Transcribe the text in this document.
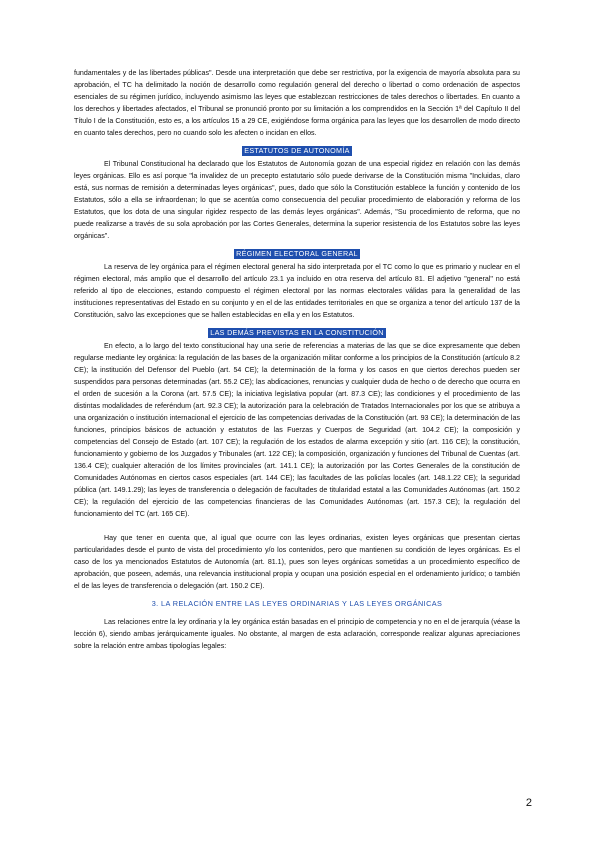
fundamentales y de las libertades públicas". Desde una interpretación que debe ser restrictiva, por la exigencia de mayoría absoluta para su aprobación, el TC ha delimitado la noción de desarrollo como regulación general del derecho o libertad o como ordenación de aspectos esenciales de su régimen jurídico, incluyendo asimismo las leyes que establezcan restricciones de tales derechos o libertades. En cuanto a los derechos y libertades afectados, el Tribunal se pronunció pronto por su limitación a los comprendidos en la Sección 1ª del Capítulo II del Título I de la Constitución, esto es, a los artículos 15 a 29 CE, exigiéndose forma orgánica para las leyes que los desarrollen de modo directo en cuanto tales derechos, pero no cuando solo les afecten o incidan en ellos.

ESTATUTOS DE AUTONOMÍA

El Tribunal Constitucional ha declarado que los Estatutos de Autonomía gozan de una especial rigidez en relación con las demás leyes orgánicas. Ello es así porque "la invalidez de un precepto estatutario sólo puede derivarse de la Constitución misma "Incluidas, claro está, sus normas de remisión a determinadas leyes orgánicas", pues, dado que sólo la Constitución establece la función y contenido de los Estatutos, sólo a ella se infraordenan; lo que se acentúa como consecuencia del peculiar procedimiento de elaboración y reforma de los Estatutos, que los dota de una singular rigidez respecto de las demás leyes orgánicas". Además, "Su procedimiento de reforma, que no puede realizarse a través de su sola aprobación por las Cortes Generales, determina la superior resistencia de los Estatutos sobre las leyes orgánicas".

RÉGIMEN ELECTORAL GENERAL

La reserva de ley orgánica para el régimen electoral general ha sido interpretada por el TC como lo que es primario y nuclear en el régimen electoral, más amplio que el desarrollo del artículo 23.1 ya incluido en otra reserva del artículo 81. El adjetivo "general" no está referido al tipo de elecciones, estando compuesto el régimen electoral por las normas electorales válidas para la generalidad de las instituciones representativas del Estado en su conjunto y en el de las entidades territoriales en que se organiza a tenor del artículo 137 de la Constitución, salvo las excepciones que se hallen establecidas en ella y en los Estatutos.

LAS DEMÁS PREVISTAS EN LA CONSTITUCIÓN

En efecto, a lo largo del texto constitucional hay una serie de referencias a materias de las que se dice expresamente que deben regularse mediante ley orgánica: la regulación de las bases de la organización militar conforme a los principios de la Constitución (artículo 8.2 CE); la institución del Defensor del Pueblo (art. 54 CE); la determinación de la forma y los casos en que ciertos derechos pueden ser suspendidos para personas determinadas (art. 55.2 CE); las abdicaciones, renuncias y cualquier duda de hecho o de derecho que ocurra en el orden de sucesión a la Corona (art. 57.5 CE); la iniciativa legislativa popular (art. 87.3 CE); las condiciones y el procedimiento de las distintas modalidades de referéndum (art. 92.3 CE); la autorización para la celebración de Tratados Internacionales por los que se atribuya a una organización o institución internacional el ejercicio de las competencias derivadas de la Constitución (art. 93 CE); la determinación de las funciones, principios básicos de actuación y estatutos de las Fuerzas y Cuerpos de Seguridad (art. 104.2 CE); la composición y competencias del Consejo de Estado (art. 107 CE); la regulación de los estados de alarma excepción y sitio (art. 116 CE); la constitución, funcionamiento y gobierno de los Juzgados y Tribunales (art. 122 CE); la composición, organización y funciones del Tribunal de Cuentas (art. 136.4 CE); cualquier alteración de los límites provinciales (art. 141.1 CE); la autorización por las Cortes Generales de la constitución de Comunidades Autónomas en ciertos casos especiales (art. 144 CE); las facultades de las policías locales (art. 148.1.22 CE); la seguridad pública (art. 149.1.29); las leyes de transferencia o delegación de facultades de titularidad estatal a las Comunidades Autónomas (art. 150.2 CE); la regulación del ejercicio de las competencias financieras de las Comunidades Autónomas (art. 157.3 CE); la regulación del funcionamiento del TC (art. 165 CE).

Hay que tener en cuenta que, al igual que ocurre con las leyes ordinarias, existen leyes orgánicas que presentan ciertas particularidades desde el punto de vista del procedimiento y/o los contenidos, pero que mantienen su condición de leyes orgánicas. Es el caso de los ya mencionados Estatutos de Autonomía (art. 81.1), pues son leyes orgánicas sometidas a un procedimiento específico de aprobación, que poseen, además, una relevancia institucional propia y ocupan una posición especial en el ordenamiento jurídico; o también el de las leyes de transferencia o delegación (art. 150.2 CE).

3. LA RELACIÓN ENTRE LAS LEYES ORDINARIAS Y LAS LEYES ORGÁNICAS

Las relaciones entre la ley ordinaria y la ley orgánica están basadas en el principio de competencia y no en el de jerarquía (véase la lección 6), siendo ambas jerárquicamente iguales. No obstante, al margen de esta aclaración, corresponde realizar algunas apreciaciones sobre la relación entre ambas tipologías legales:

2
